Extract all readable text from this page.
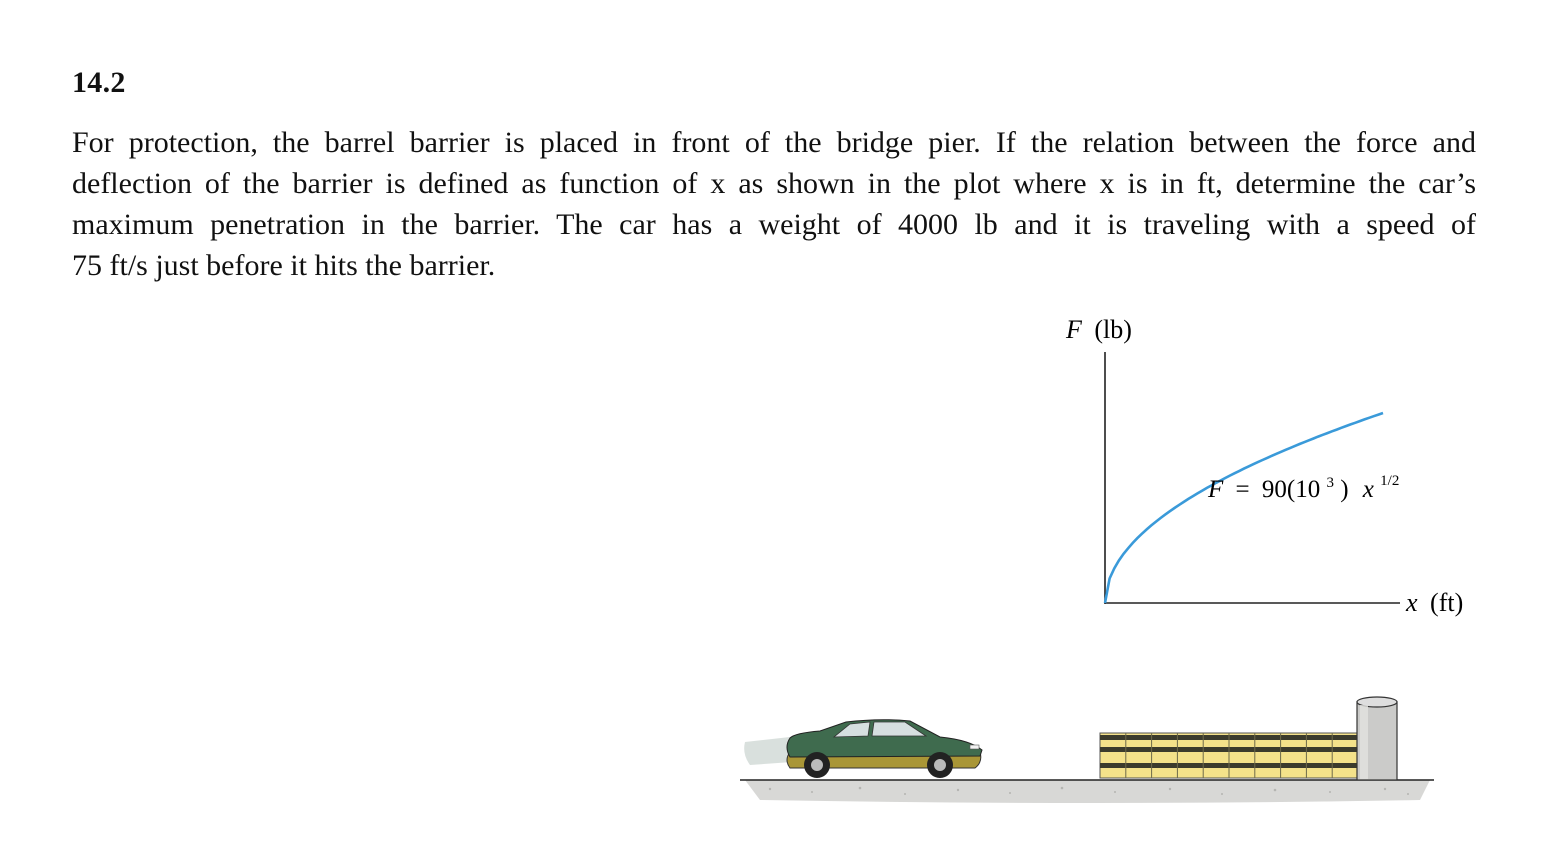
14.2
For protection, the barrel barrier is placed in front of the bridge pier. If the relation between the force and
deflection of the barrier is defined as function of x as shown in the plot where x is in ft, determine the car’s
maximum penetration in the barrier. The car has a weight of 4000 lb and it is traveling with a speed of
75 ft/s just before it hits the barrier.
F (lb)
x (ft)
F = 90(10 $^3$ ) x $^{1/2}$
